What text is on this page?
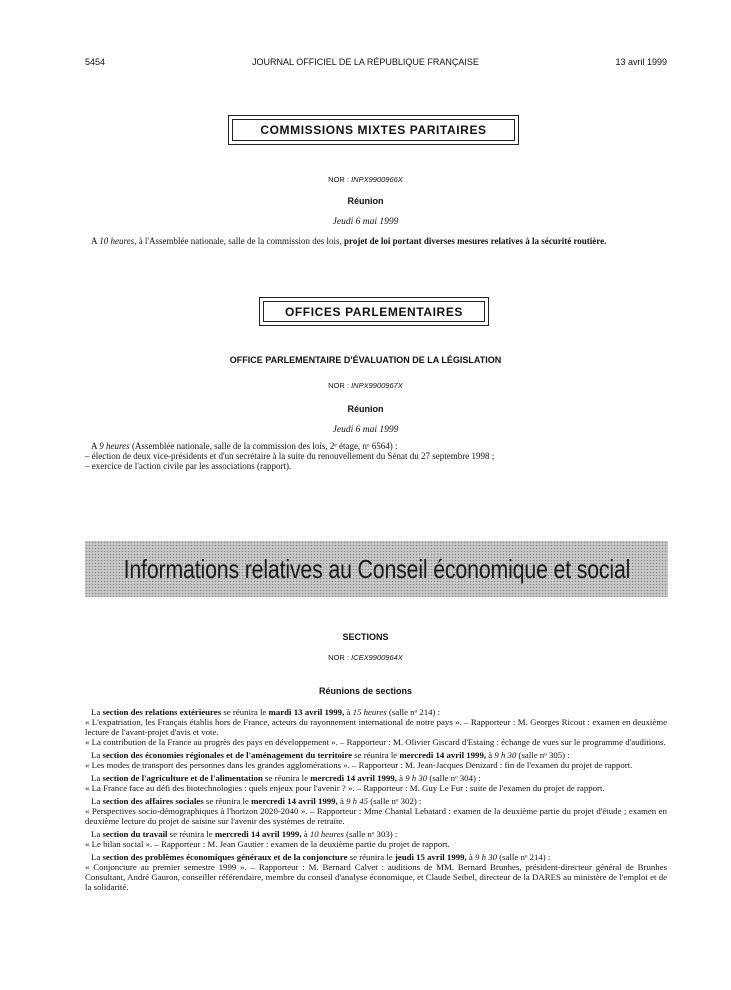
5454	JOURNAL OFFICIEL DE LA RÉPUBLIQUE FRANÇAISE	13 avril 1999
COMMISSIONS MIXTES PARITAIRES
NOR : INPX9900966X
Réunion
Jeudi 6 mai 1999

A 10 heures, à l'Assemblée nationale, salle de la commission des lois, projet de loi portant diverses mesures relatives à la sécurité routière.

OFFICES PARLEMENTAIRES
OFFICE PARLEMENTAIRE D'ÉVALUATION DE LA LÉGISLATION
NOR : INPX9900967X
Réunion
Jeudi 6 mai 1999

A 9 heures (Assemblée nationale, salle de la commission des lois, 2ᵉ étage, nᵒ 6564) :

– élection de deux vice-présidents et d'un secrétaire à la suite du renouvellement du Sénat du 27 septembre 1998 ;

– exercice de l'action civile par les associations (rapport).

Informations relatives au Conseil économique et social
SECTIONS
NOR : ICEX9900964X
Réunions de sections

La section des relations extérieures se réunira le mardi 13 avril 1999, à 15 heures (salle nᵒ 214) :

« L'expatriation, les Français établis hors de France, acteurs du rayonnement international de notre pays ». – Rapporteur : M. Georges Ricout : examen en deuxième lecture de l'avant-projet d'avis et vote.

« La contribution de la France au progrès des pays en développement ». – Rapporteur : M. Olivier Giscard d'Estaing : échange de vues sur le programme d'auditions.

La section des économies régionales et de l'aménagement du territoire se réunira le mercredi 14 avril 1999, à 9 h 30 (salle nᵒ 305) :

« Les modes de transport des personnes dans les grandes agglomérations ». – Rapporteur : M. Jean-Jacques Denizard : fin de l'examen du projet de rapport.

La section de l'agriculture et de l'alimentation se réunira le mercredi 14 avril 1999, à 9 h 30 (salle nᵒ 304) :

« La France face au défi des biotechnologies : quels enjeux pour l'avenir ? ». – Rapporteur : M. Guy Le Fur : suite de l'examen du projet de rapport.

La section des affaires sociales se réunira le mercredi 14 avril 1999, à 9 h 45 (salle nᵒ 302) :

« Perspectives socio-démographiques à l'horizon 2020-2040 ». – Rapporteur : Mme Chantal Lebatard : examen de la deuxième partie du projet d'étude ; examen en deuxième lecture du projet de saisine sur l'avenir des systèmes de retraite.

La section du travail se réunira le mercredi 14 avril 1999, à 10 heures (salle nᵒ 303) :

« Le bilan social ». – Rapporteur : M. Jean Gautier : examen de la deuxième partie du projet de rapport.

La section des problèmes économiques généraux et de la conjoncture se réunira le jeudi 15 avril 1999, à 9 h 30 (salle nᵒ 214) :

« Conjoncture au premier semestre 1999 ». – Rapporteur : M. Bernard Calvet : auditions de MM. Bernard Brunhes, président-directeur général de Brunhes Consultant, André Gauron, conseiller référendaire, membre du conseil d'analyse économique, et Claude Seibel, directeur de la DARES au ministère de l'emploi et de la solidarité.
